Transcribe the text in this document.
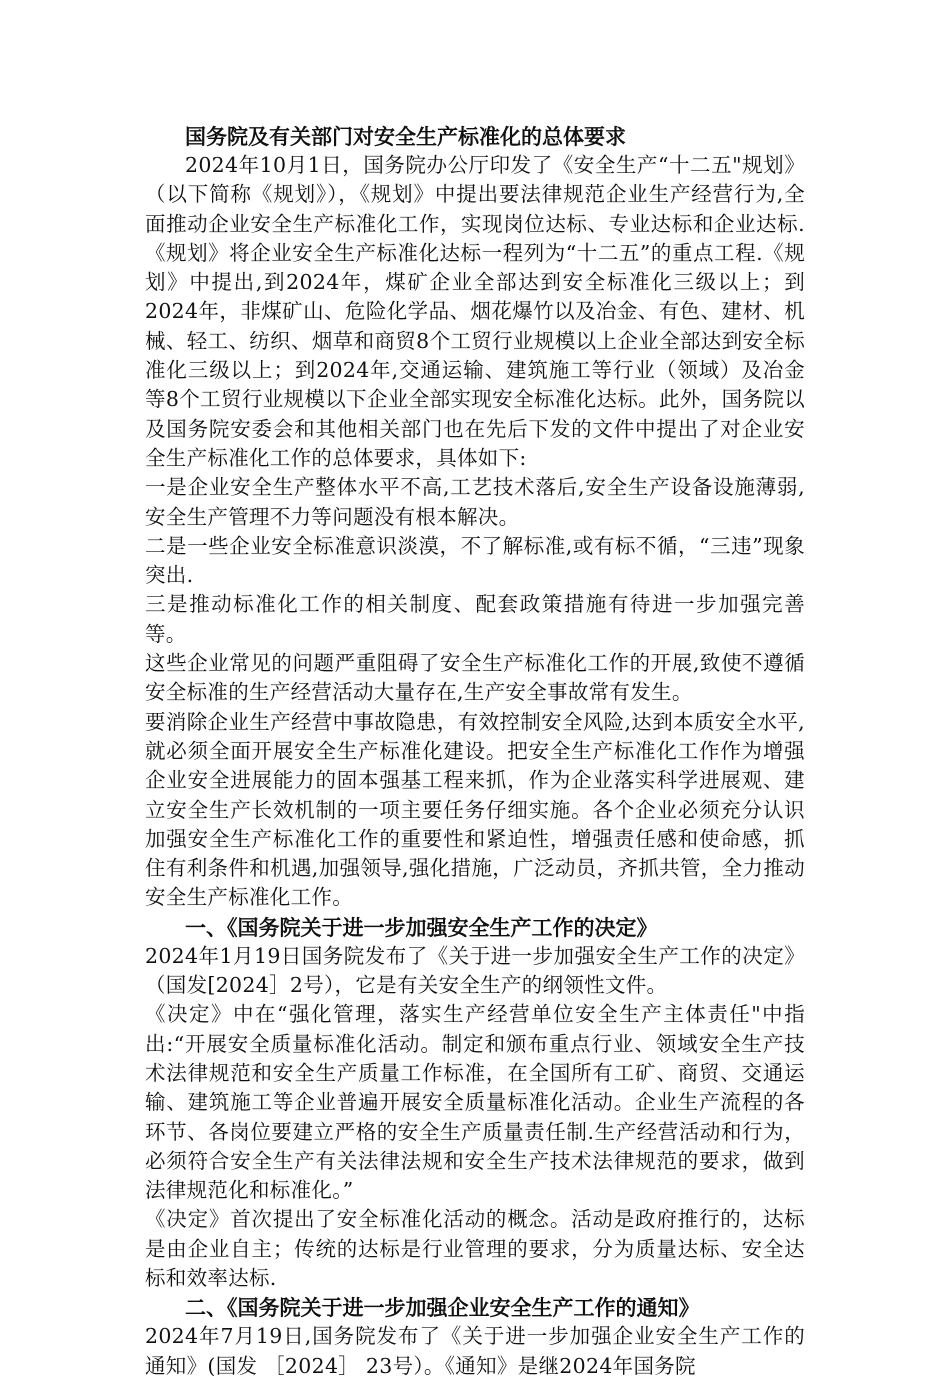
国务院及有关部门对安全生产标准化的总体要求

2024年10月1日，国务院办公厅印发了《安全生产“十二五"规划》（以下简称《规划》），《规划》中提出要法律规范企业生产经营行为,全面推动企业安全生产标准化工作，实现岗位达标、专业达标和企业达标.《规划》将企业安全生产标准化达标一程列为“十二五”的重点工程.《规划》中提出,到2024年，煤矿企业全部达到安全标准化三级以上；到2024年，非煤矿山、危险化学品、烟花爆竹以及冶金、有色、建材、机械、轻工、纺织、烟草和商贸8个工贸行业规模以上企业全部达到安全标准化三级以上；到2024年,交通运输、建筑施工等行业（领域）及冶金等8个工贸行业规模以下企业全部实现安全标准化达标。此外，国务院以及国务院安委会和其他相关部门也在先后下发的文件中提出了对企业安全生产标准化工作的总体要求，具体如下:

一是企业安全生产整体水平不高,工艺技术落后,安全生产设备设施薄弱,安全生产管理不力等问题没有根本解决。

二是一些企业安全标准意识淡漠，不了解标准,或有标不循，“三违”现象突出.

三是推动标准化工作的相关制度、配套政策措施有待进一步加强完善等。

这些企业常见的问题严重阻碍了安全生产标准化工作的开展,致使不遵循安全标准的生产经营活动大量存在,生产安全事故常有发生。

要消除企业生产经营中事故隐患，有效控制安全风险,达到本质安全水平,就必须全面开展安全生产标准化建设。把安全生产标准化工作作为增强企业安全进展能力的固本强基工程来抓，作为企业落实科学进展观、建立安全生产长效机制的一项主要任务仔细实施。各个企业必须充分认识加强安全生产标准化工作的重要性和紧迫性，增强责任感和使命感，抓住有利条件和机遇,加强领导,强化措施，广泛动员，齐抓共管，全力推动安全生产标准化工作。

一、《国务院关于进一步加强安全生产工作的决定》

2024年1月19日国务院发布了《关于进一步加强安全生产工作的决定》（国发[2024］2号），它是有关安全生产的纲领性文件。

《决定》中在“强化管理，落实生产经营单位安全生产主体责任"中指出:“开展安全质量标准化活动。制定和颁布重点行业、领域安全生产技术法律规范和安全生产质量工作标准，在全国所有工矿、商贸、交通运输、建筑施工等企业普遍开展安全质量标准化活动。企业生产流程的各环节、各岗位要建立严格的安全生产质量责任制.生产经营活动和行为，必须符合安全生产有关法律法规和安全生产技术法律规范的要求，做到法律规范化和标准化。”

《决定》首次提出了安全标准化活动的概念。活动是政府推行的，达标是由企业自主；传统的达标是行业管理的要求，分为质量达标、安全达标和效率达标.

二、《国务院关于进一步加强企业安全生产工作的通知》

2024年7月19日,国务院发布了《关于进一步加强企业安全生产工作的通知》(国发 ［2024］ 23号）。《通知》是继2024年国务院
